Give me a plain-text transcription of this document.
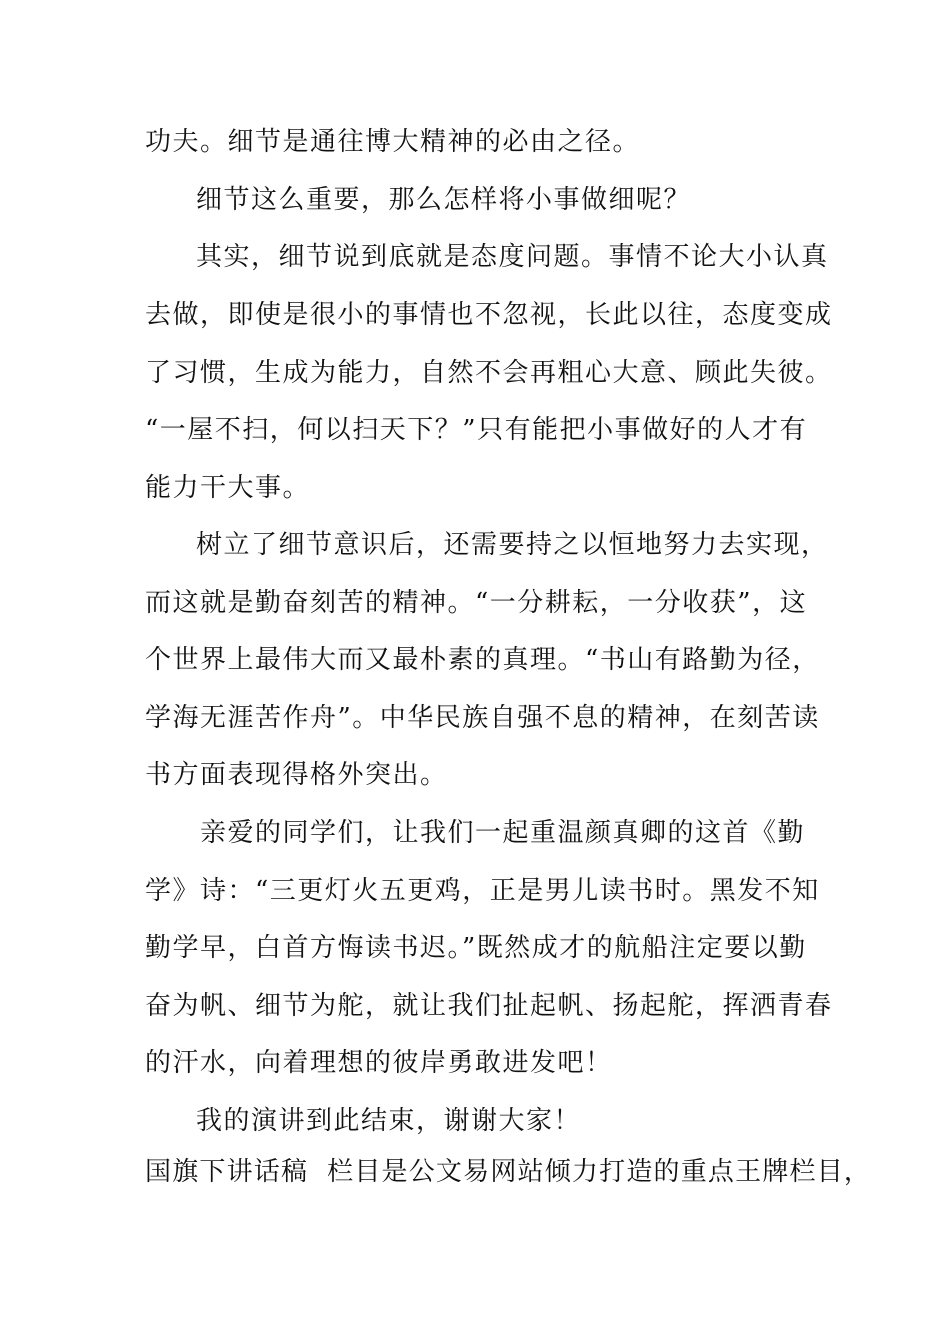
功夫。细节是通往博大精神的必由之径。
细节这么重要，那么怎样将小事做细呢？
其实，细节说到底就是态度问题。事情不论大小认真
去做，即使是很小的事情也不忽视，长此以往，态度变成
了习惯，生成为能力，自然不会再粗心大意、顾此失彼。
“一屋不扫，何以扫天下？”只有能把小事做好的人才有
能力干大事。
树立了细节意识后，还需要持之以恒地努力去实现，
而这就是勤奋刻苦的精神。“一分耕耘，一分收获”，这
个世界上最伟大而又最朴素的真理。“书山有路勤为径，
学海无涯苦作舟”。中华民族自强不息的精神，在刻苦读
书方面表现得格外突出。
亲爱的同学们，让我们一起重温颜真卿的这首《勤
学》诗：“三更灯火五更鸡，正是男儿读书时。黑发不知
勤学早，白首方悔读书迟。”既然成才的航船注定要以勤
奋为帆、细节为舵，就让我们扯起帆、扬起舵，挥洒青春
的汗水，向着理想的彼岸勇敢进发吧！
我的演讲到此结束，谢谢大家！
国旗下讲话稿  栏目是公文易网站倾力打造的重点王牌栏目，
